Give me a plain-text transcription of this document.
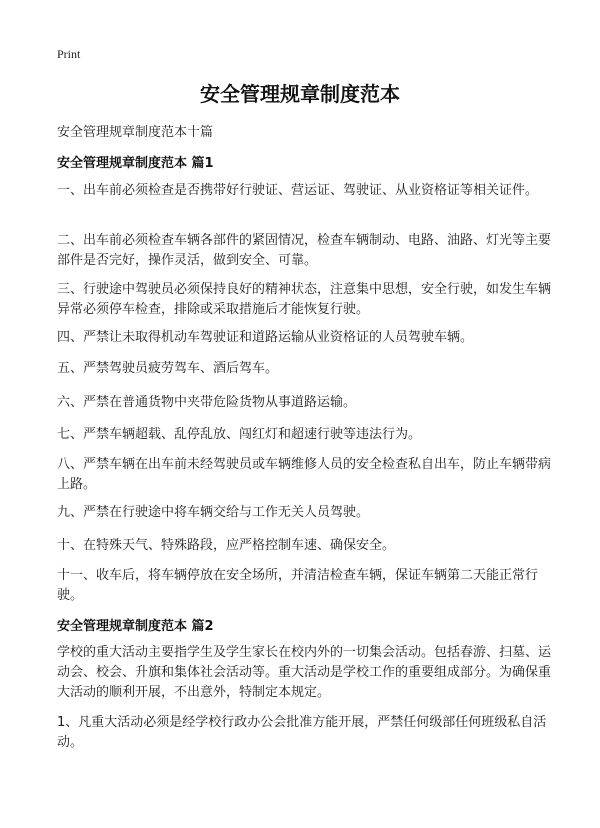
Print
安全管理规章制度范本
安全管理规章制度范本十篇
安全管理规章制度范本 篇1
一、出车前必须检查是否携带好行驶证、营运证、驾驶证、从业资格证等相关证件。
二、出车前必须检查车辆各部件的紧固情况，检查车辆制动、电路、油路、灯光等主要部件是否完好，操作灵活，做到安全、可靠。
三、行驶途中驾驶员必须保持良好的精神状态，注意集中思想，安全行驶，如发生车辆异常必须停车检查，排除或采取措施后才能恢复行驶。
四、严禁让未取得机动车驾驶证和道路运输从业资格证的人员驾驶车辆。
五、严禁驾驶员疲劳驾车、酒后驾车。
六、严禁在普通货物中夹带危险货物从事道路运输。
七、严禁车辆超载、乱停乱放、闯红灯和超速行驶等违法行为。
八、严禁车辆在出车前未经驾驶员或车辆维修人员的安全检查私自出车，防止车辆带病上路。
九、严禁在行驶途中将车辆交给与工作无关人员驾驶。
十、在特殊天气、特殊路段，应严格控制车速、确保安全。
十一、收车后，将车辆停放在安全场所，并清洁检查车辆，保证车辆第二天能正常行驶。
安全管理规章制度范本 篇2
学校的重大活动主要指学生及学生家长在校内外的一切集会活动。包括春游、扫墓、运动会、校会、升旗和集体社会活动等。重大活动是学校工作的重要组成部分。为确保重大活动的顺利开展，不出意外，特制定本规定。
1、凡重大活动必须是经学校行政办公会批准方能开展，严禁任何级部任何班级私自活动。
